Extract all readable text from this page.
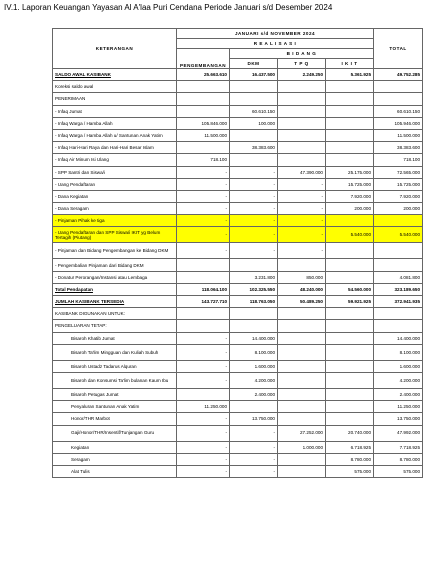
IV.1. Laporan Keuangan Yayasan Al A'laa Puri Cendana Periode Januari s/d Desember 2024
KETERANGAN	JANUARI s/d NOVEMBER 2024				TOTAL
	R E A L I S A S I				
	PENGEMBANGAN	B I D A N G			
		DKM	T P Q	I K I T	
SALDO AWAL KASIBANK	25.663.610	16.437.500	2.249.250	5.361.925	49.752.285
Koreksi saldo awal					
PENERIMAAN					
- Infaq Jumat		60.610.150			60.610.150
- Infaq Warga / Hamba Allah	105.846.000	100.000			105.946.000
- Infaq Warga / Hamba Allah u/ Santunan Anak Yatim	11.500.000				11.500.000
- Infaq Hari-Hari Raya dan Hari-Hari Besar Islam		38.383.600			38.383.600
- Infaq Air Minum Isi Ulang	718.100				718.100
- SPP Santri dan Siswa/i	-	-	47.390.000	25.175.000	72.565.000
- Uang Pendaftaran	-	-	-	15.725.000	15.725.000
- Dana Kegiatan	-	-	-	7.920.000	7.920.000
- Dana Seragam	-	-	-	200.000	200.000
- Pinjaman Pihak ke tiga	-	-	-		
- Uang Pendaftaran dan SPP Siswa/i IKIT yg Belum Tertagih (Piutang)	-	-	-	5.540.000	5.540.000
- Pinjaman dan Bidang Pengembangan ke Bidang DKM	-	-	-		
- Pengembalian Pinjaman dari Bidang DKM					
- Donatur Perorangan/Instansi atau Lembaga		3.231.800	850.000		4.081.800
Total Pendapatan	118.064.100	102.325.550	48.240.000	54.560.000	323.189.650
JUMLAH KASIBANK TERSEDIA	143.727.710	118.763.050	50.489.250	59.921.925	372.941.935
KASIBANK DIGUNAKAN UNTUK:					
PENGELUARAN TETAP:					
Bisaroh Khatib Jumat	-	14.400.000			14.400.000
Bisaroh Ta'lim Mingguan dan Kuliah Subuh	-	8.100.000			8.100.000
Bisaroh Ustadz Tadarus Alquran	-	1.600.000			1.600.000
Bisaroh dan Konsumsi Ta'lim bulanan Kaum Ibu	-	4.200.000			4.200.000
Bisaroh Petugas Jumat		2.400.000			2.400.000
Penyaluran Santunan Anak Yatim	11.250.000				11.250.000
Honor/THR Marbot	-	13.750.000			13.750.000
Gaji/Honor/THR/Insentif/Tunjangan Guru	-	-	27.252.000	20.740.000	47.992.000
Kegiatan	-	-	1.000.000	6.718.925	7.718.925
Seragam	-	-		8.780.000	8.780.000
Alat Tulis	-	-		575.000	575.000
